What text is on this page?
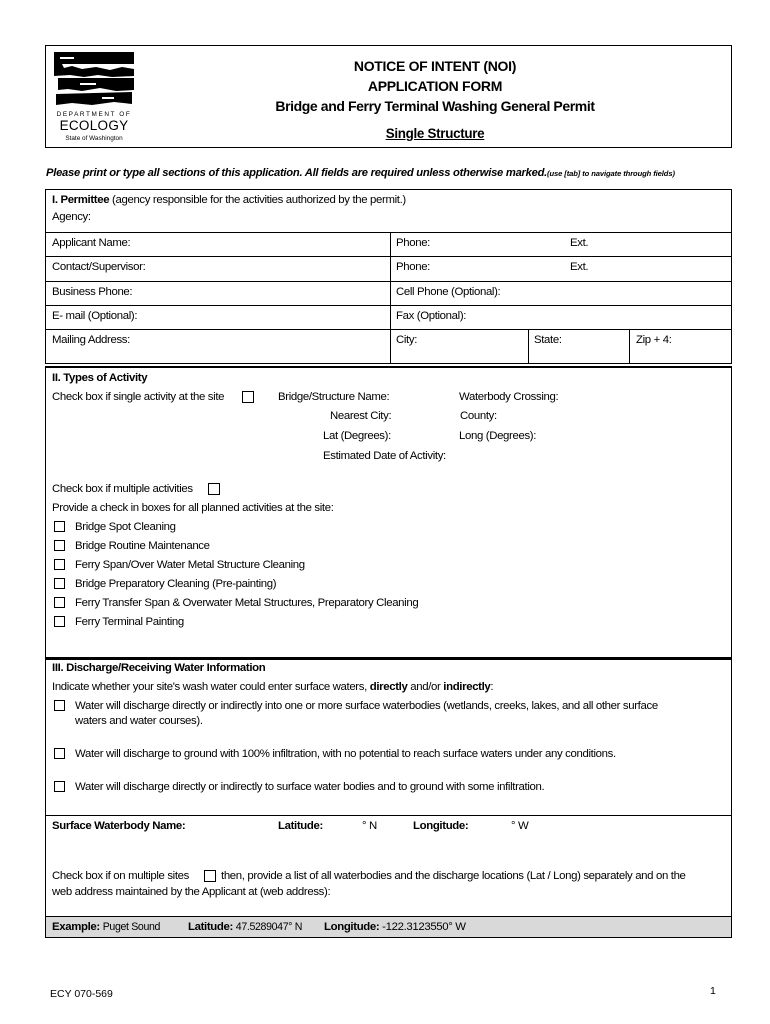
DEPARTMENT OF
ECOLOGY
State of Washington
NOTICE OF INTENT (NOI)
APPLICATION FORM
Bridge and Ferry Terminal Washing General Permit
Single Structure
Please print or type all sections of this application. All fields are required unless otherwise marked.(use [tab] to navigate through fields)
I. Permittee (agency responsible for the activities authorized by the permit.)
Agency:
Applicant Name:	Phone:	Ext.
Contact/Supervisor:	Phone:	Ext.
Business Phone:	Cell Phone (Optional):
E- mail (Optional):	Fax (Optional):
Mailing Address:	City:	State:	Zip + 4:
II. Types of Activity
Check box if single activity at the site	Bridge/Structure Name:	Waterbody Crossing:
Nearest City:	County:
Lat (Degrees):	Long (Degrees):
Estimated Date of Activity:
Check box if multiple activities
Provide a check in boxes for all planned activities at the site:
Bridge Spot Cleaning
Bridge Routine Maintenance
Ferry Span/Over Water Metal Structure Cleaning
Bridge Preparatory Cleaning (Pre-painting)
Ferry Transfer Span & Overwater Metal Structures, Preparatory Cleaning
Ferry Terminal Painting
III. Discharge/Receiving Water Information
Indicate whether your site's wash water could enter surface waters, directly and/or indirectly:
Water will discharge directly or indirectly into one or more surface waterbodies (wetlands, creeks, lakes, and all other surface
waters and water courses).
Water will discharge to ground with 100% infiltration, with no potential to reach surface waters under any conditions.
Water will discharge directly or indirectly to surface water bodies and to ground with some infiltration.
Surface Waterbody Name:	Latitude:	° N	Longitude:	° W
Check box if on multiple sites	then, provide a list of all waterbodies and the discharge locations (Lat / Long) separately and on the
web address maintained by the Applicant at (web address):
Example: Puget Sound Latitude: 47.5289047° N Longitude: -122.3123550° W
ECY 070-569	1
